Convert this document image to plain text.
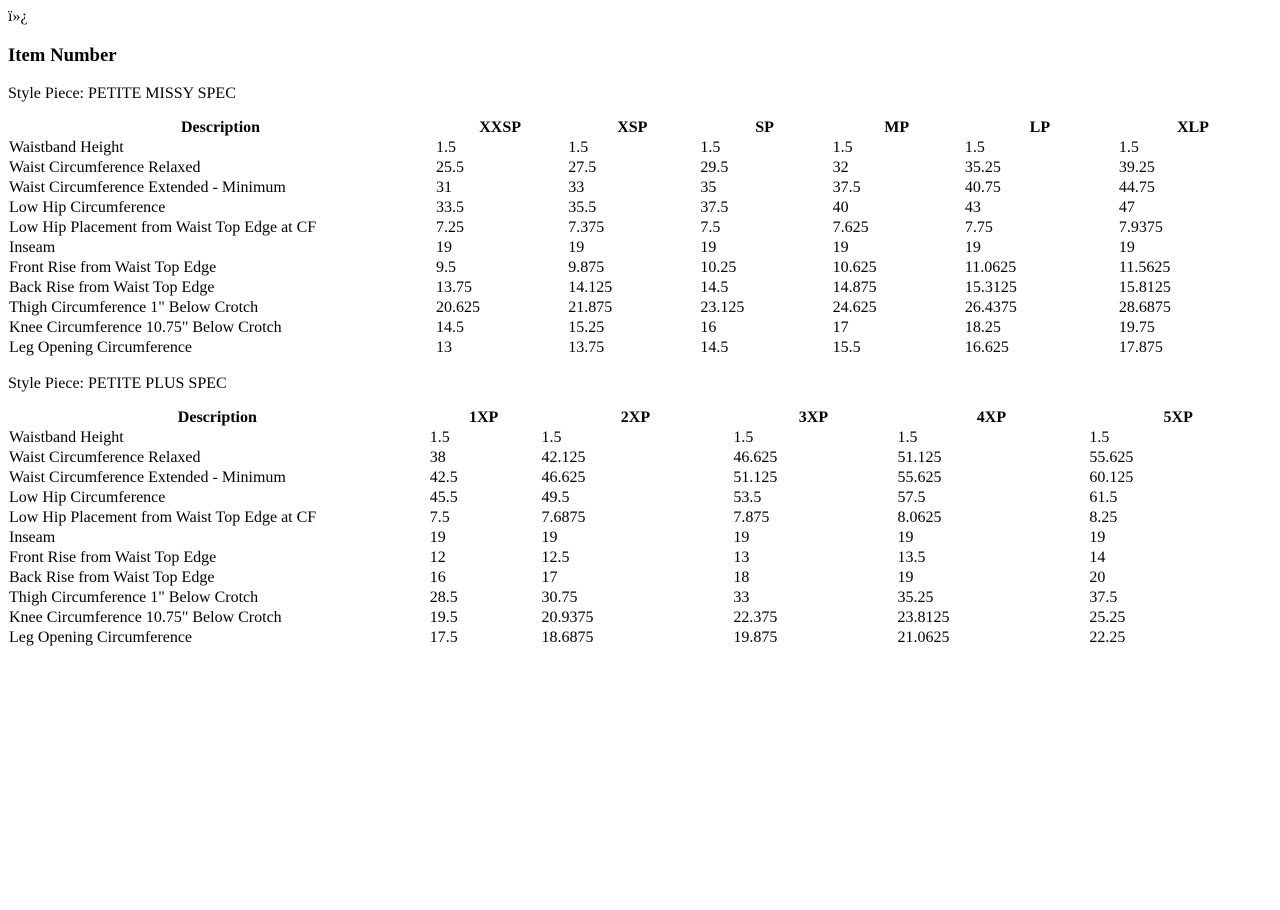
ï»¿
Item Number

Style Piece: PETITE MISSY SPEC

Description	XXSP	XSP	SP	MP	LP	XLP
Waistband Height	1.5	1.5	1.5	1.5	1.5	1.5
Waist Circumference Relaxed	25.5	27.5	29.5	32	35.25	39.25
Waist Circumference Extended - Minimum	31	33	35	37.5	40.75	44.75
Low Hip Circumference	33.5	35.5	37.5	40	43	47
Low Hip Placement from Waist Top Edge at CF	7.25	7.375	7.5	7.625	7.75	7.9375
Inseam	19	19	19	19	19	19
Front Rise from Waist Top Edge	9.5	9.875	10.25	10.625	11.0625	11.5625
Back Rise from Waist Top Edge	13.75	14.125	14.5	14.875	15.3125	15.8125
Thigh Circumference 1" Below Crotch	20.625	21.875	23.125	24.625	26.4375	28.6875
Knee Circumference 10.75" Below Crotch	14.5	15.25	16	17	18.25	19.75
Leg Opening Circumference	13	13.75	14.5	15.5	16.625	17.875

Style Piece: PETITE PLUS SPEC

Description	1XP	2XP	3XP	4XP	5XP
Waistband Height	1.5	1.5	1.5	1.5	1.5
Waist Circumference Relaxed	38	42.125	46.625	51.125	55.625
Waist Circumference Extended - Minimum	42.5	46.625	51.125	55.625	60.125
Low Hip Circumference	45.5	49.5	53.5	57.5	61.5
Low Hip Placement from Waist Top Edge at CF	7.5	7.6875	7.875	8.0625	8.25
Inseam	19	19	19	19	19
Front Rise from Waist Top Edge	12	12.5	13	13.5	14
Back Rise from Waist Top Edge	16	17	18	19	20
Thigh Circumference 1" Below Crotch	28.5	30.75	33	35.25	37.5
Knee Circumference 10.75" Below Crotch	19.5	20.9375	22.375	23.8125	25.25
Leg Opening Circumference	17.5	18.6875	19.875	21.0625	22.25
